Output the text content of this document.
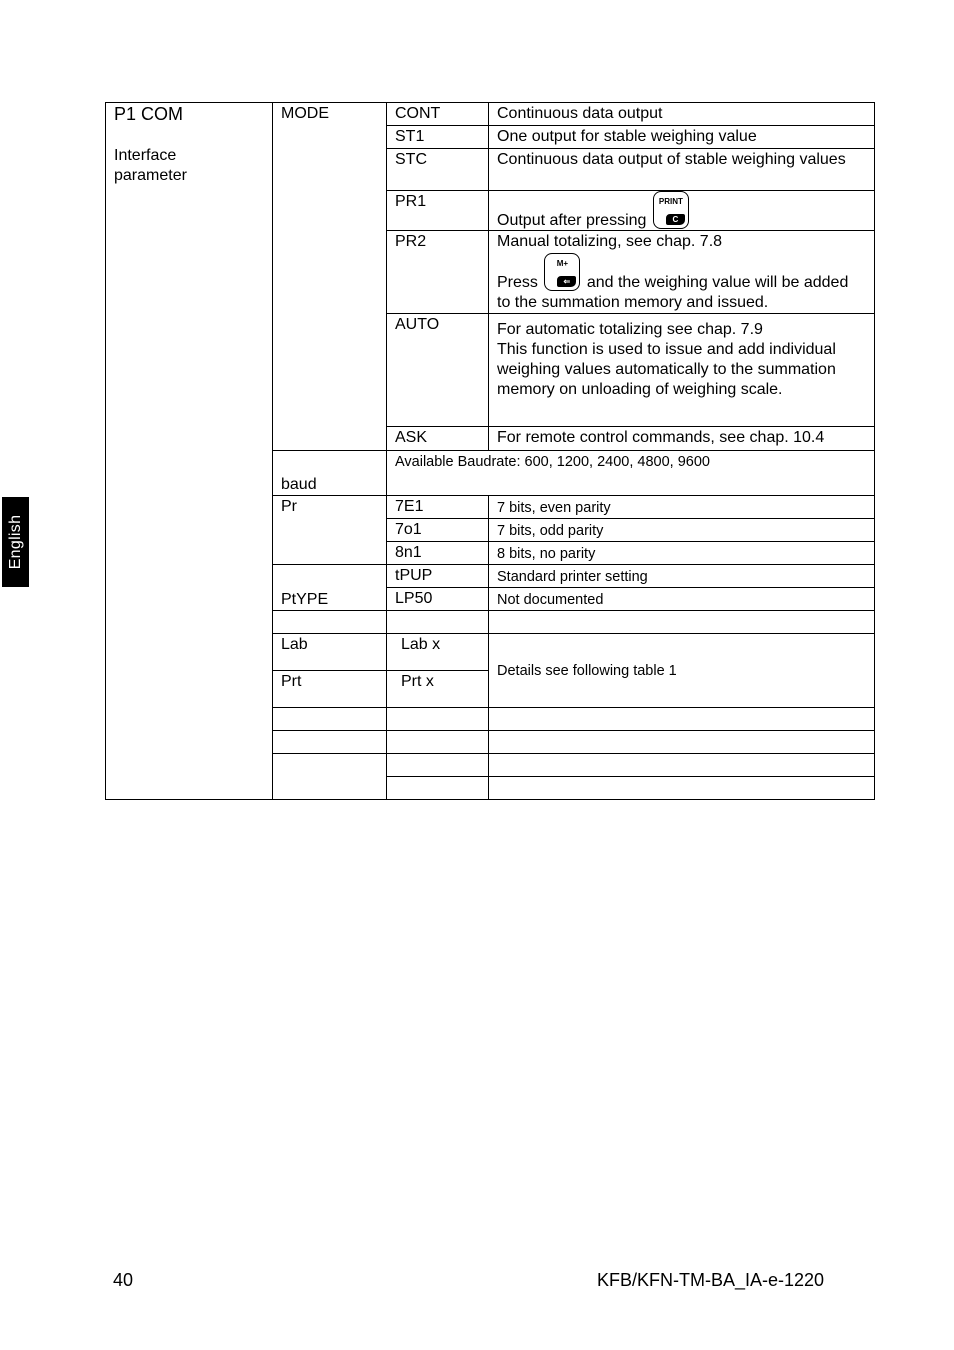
English
P1 COM
Interface
parameter	MODE	CONT	Continuous data output
		ST1	One output for stable weighing value
		STC	Continuous data output of stable weighing values
		PR1	Output after pressing
PRINT
C

		PR2	Manual totalizing, see chap. 7.8
Press
M+
⇐ and the weighing value will be added to the summation memory and issued.

		AUTO	For automatic totalizing see chap. 7.9
This function is used to issue and add individual weighing values automatically to the summation memory on unloading of weighing scale.
		ASK	For remote control commands, see chap. 10.4
	baud	Available Baudrate: 600, 1200, 2400, 4800, 9600	
	Pr	7E1	7 bits, even parity
		7o1	7 bits, odd parity
		8n1	8 bits, no parity
	PtYPE	tPUP	Standard printer setting
		LP50	Not documented

	Lab	Lab x	Details see following table 1
	Prt	Prt x	

40	KFB/KFN-TM-BA_IA-e-1220
